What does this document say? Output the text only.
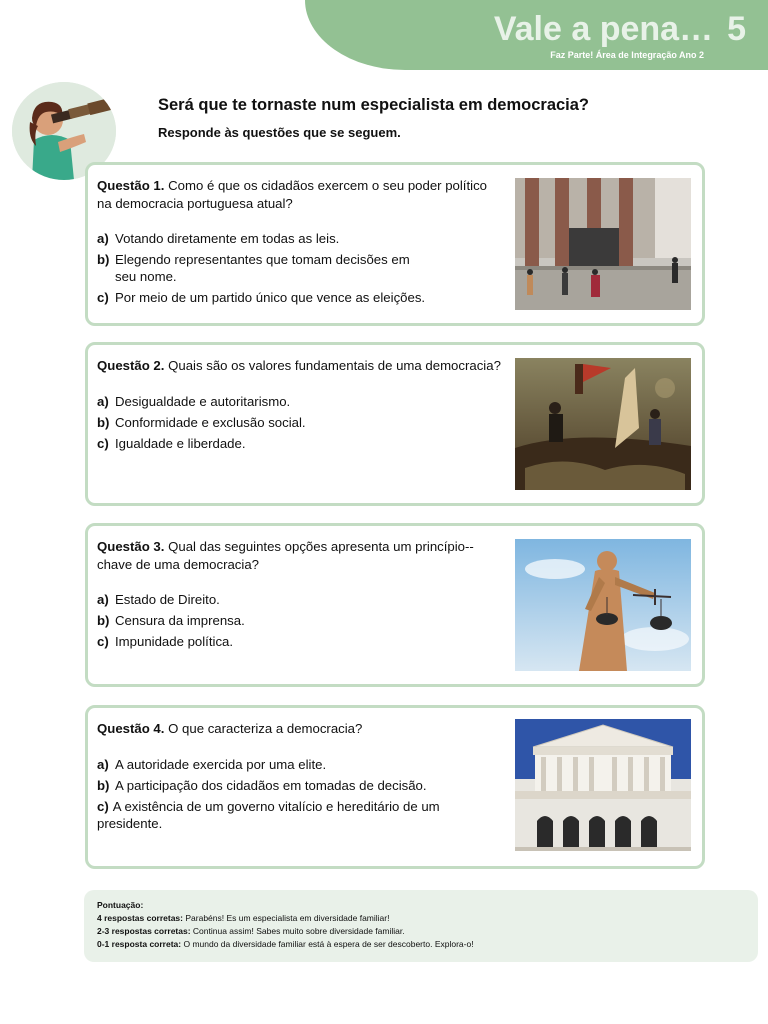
Vale a pena… 5
Faz Parte! Área de Integração Ano 2
Será que te tornaste num especialista em democracia?
Responde às questões que se seguem.
Questão 1. Como é que os cidadãos exercem o seu poder político na democracia portuguesa atual?
a) Votando diretamente em todas as leis.
b) Elegendo representantes que tomam decisões em seu nome.
c) Por meio de um partido único que vence as eleições.
Questão 2. Quais são os valores fundamentais de uma democracia?
a) Desigualdade e autoritarismo.
b) Conformidade e exclusão social.
c) Igualdade e liberdade.
Questão 3. Qual das seguintes opções apresenta um princípio--chave de uma democracia?
a) Estado de Direito.
b) Censura da imprensa.
c) Impunidade política.
Questão 4. O que caracteriza a democracia?
a) A autoridade exercida por uma elite.
b) A participação dos cidadãos em tomadas de decisão.
c) A existência de um governo vitalício e hereditário de um presidente.
Pontuação:
4 respostas corretas: Parabéns! Es um especialista em diversidade familiar!
2-3 respostas corretas: Continua assim! Sabes muito sobre diversidade familiar.
0-1 resposta correta: O mundo da diversidade familiar está à espera de ser descoberto. Explora-o!
